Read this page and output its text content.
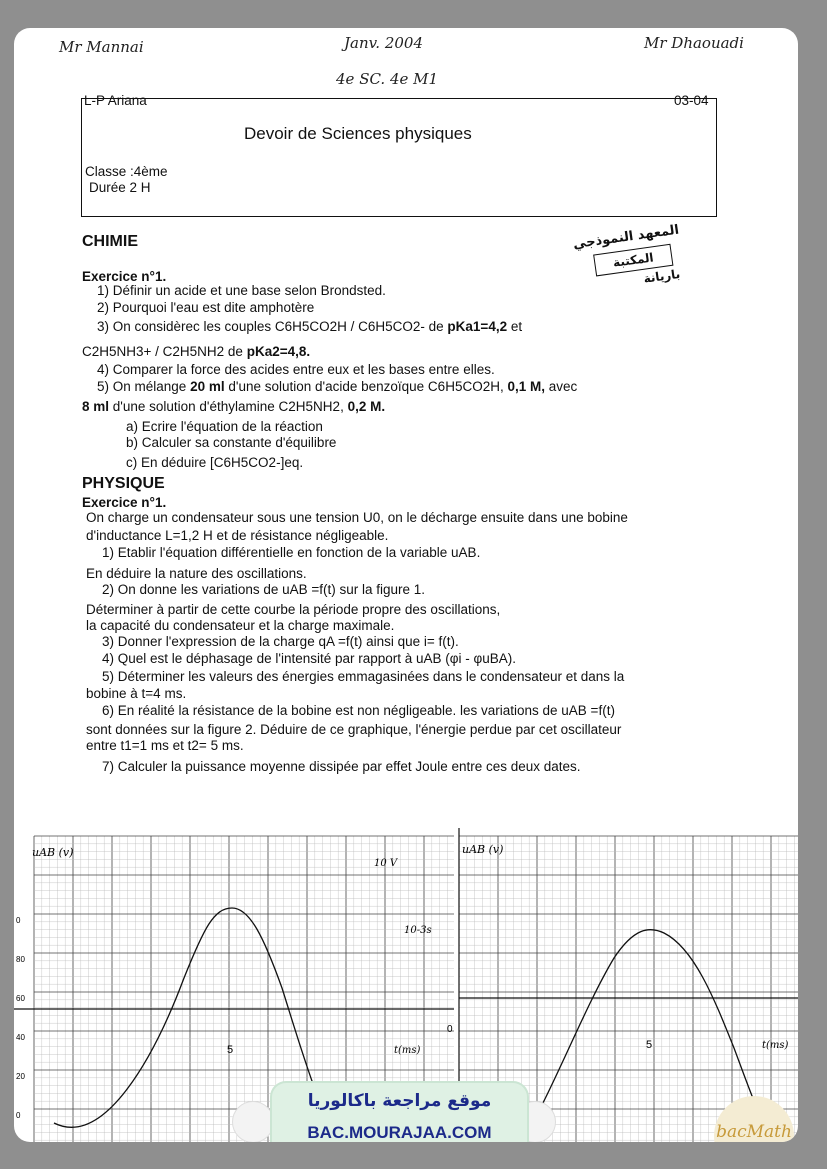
Mr Mannai	Janv. 2004	Mr Dhaouadi
4e SC. 4e M1
L-P Ariana	03-04
Devoir de Sciences physiques
Classe :4ème
Durée 2 H
المعهد النموذجي
المكتبة
باريانة
CHIMIE
Exercice n°1.
1) Définir un acide et une base selon Brondsted.
2) Pourquoi l'eau est dite amphotère
3) On considèrec les couples C6H5CO2H / C6H5CO2- de pKa1=4,2 et
C2H5NH3+ / C2H5NH2 de pKa2=4,8.
4) Comparer la force des acides entre eux et les bases entre elles.
5) On mélange 20 ml d'une solution d'acide benzoïque C6H5CO2H, 0,1 M, avec
8 ml d'une solution d'éthylamine C2H5NH2, 0,2 M.
a) Ecrire l'équation de la réaction
b) Calculer sa constante d'équilibre
c) En déduire [C6H5CO2-]eq.
PHYSIQUE
Exercice n°1.
On charge un condensateur sous une tension U0, on le décharge ensuite dans une bobine
d'inductance L=1,2 H et de résistance négligeable.
1) Etablir l'équation différentielle en fonction de la variable uAB.
En déduire la nature des oscillations.
2) On donne les variations de uAB =f(t) sur la figure 1.
Déterminer à partir de cette courbe la période propre des oscillations,
la capacité du condensateur et la charge maximale.
3) Donner l'expression de la charge qA =f(t) ainsi que i= f(t).
4) Quel est le déphasage de l'intensité par rapport à uAB (φi - φuBA).
5) Déterminer les valeurs des énergies emmagasinées dans le condensateur et dans la
bobine à t=4 ms.
6) En réalité la résistance de la bobine est non négligeable. les variations de uAB =f(t)
sont données sur la figure 2. Déduire de ce graphique, l'énergie perdue par cet oscillateur
entre t1=1 ms et t2= 5 ms.
7) Calculer la puissance moyenne dissipée par effet Joule entre ces deux dates.
uAB (v)	uAB (v)
10 V
10-3s
5	5
t(ms)	t(ms)
0
0
20
40
60
80
0
موقع مراجعة باكالوريا
BAC.MOURAJAA.COM	bacMath
